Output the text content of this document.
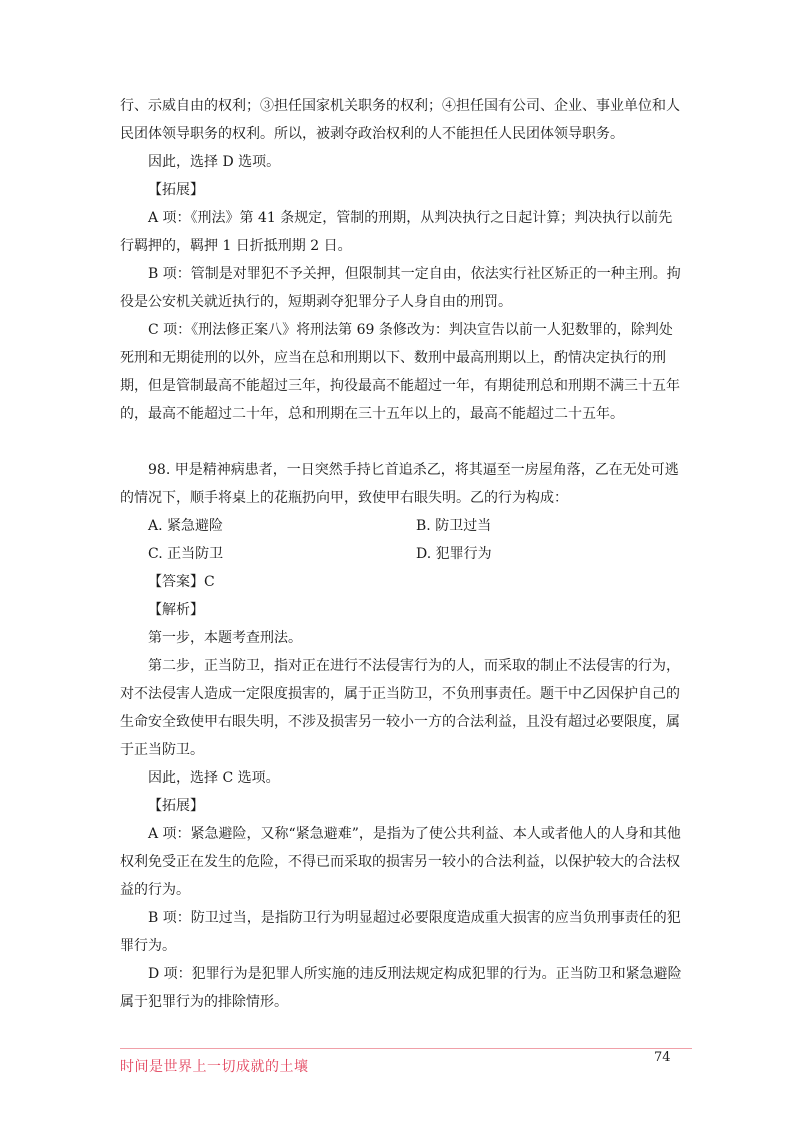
行、示威自由的权利；③担任国家机关职务的权利；④担任国有公司、企业、事业单位和人

民团体领导职务的权利。所以，被剥夺政治权利的人不能担任人民团体领导职务。

因此，选择 D 选项。

【拓展】

A 项：《刑法》第 41 条规定，管制的刑期，从判决执行之日起计算；判决执行以前先行羁押的，羁押 1 日折抵刑期 2 日。

B 项：管制是对罪犯不予关押，但限制其一定自由，依法实行社区矫正的一种主刑。拘役是公安机关就近执行的，短期剥夺犯罪分子人身自由的刑罚。

C 项：《刑法修正案八》将刑法第 69 条修改为：判决宣告以前一人犯数罪的，除判处死刑和无期徒刑的以外，应当在总和刑期以下、数刑中最高刑期以上，酌情决定执行的刑期，但是管制最高不能超过三年，拘役最高不能超过一年，有期徒刑总和刑期不满三十五年的，最高不能超过二十年，总和刑期在三十五年以上的，最高不能超过二十五年。

98. 甲是精神病患者，一日突然手持匕首追杀乙，将其逼至一房屋角落，乙在无处可逃的情况下，顺手将桌上的花瓶扔向甲，致使甲右眼失明。乙的行为构成：

A. 紧急避险	B. 防卫过当
C. 正当防卫	D. 犯罪行为

【答案】C

【解析】

第一步，本题考查刑法。

第二步，正当防卫，指对正在进行不法侵害行为的人，而采取的制止不法侵害的行为，对不法侵害人造成一定限度损害的，属于正当防卫，不负刑事责任。题干中乙因保护自己的生命安全致使甲右眼失明，不涉及损害另一较小一方的合法利益，且没有超过必要限度，属于正当防卫。

因此，选择 C 选项。

【拓展】

A 项：紧急避险，又称“紧急避难”，是指为了使公共利益、本人或者他人的人身和其他权利免受正在发生的危险，不得已而采取的损害另一较小的合法利益，以保护较大的合法权益的行为。

B 项：防卫过当，是指防卫行为明显超过必要限度造成重大损害的应当负刑事责任的犯罪行为。

D 项：犯罪行为是犯罪人所实施的违反刑法规定构成犯罪的行为。正当防卫和紧急避险属于犯罪行为的排除情形。

时间是世界上一切成就的土壤
74
